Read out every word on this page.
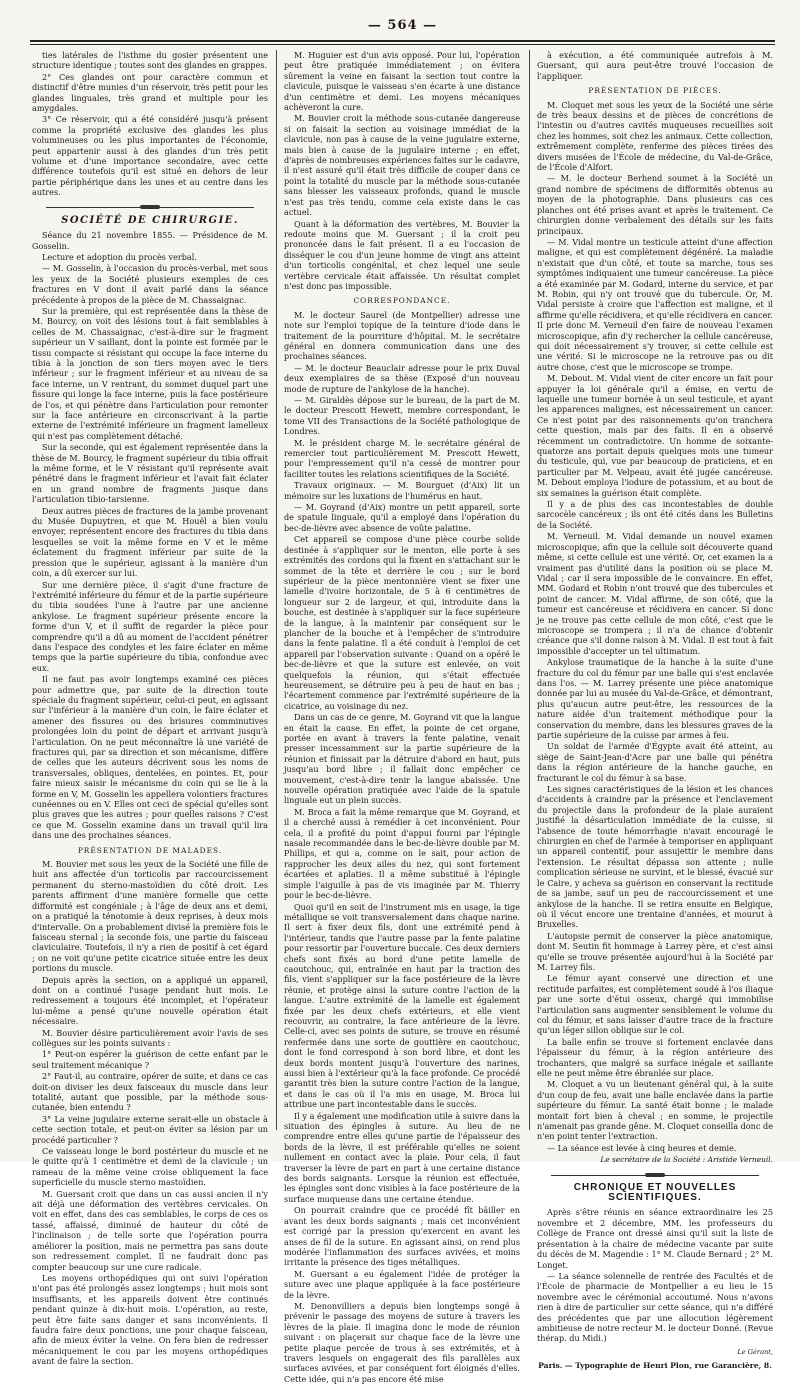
— 564 —

ties latérales de l'isthme du gosier présentent une structure identique ; toutes sont des glandes en grappes.

2° Ces glandes ont pour caractère commun et distinctif d'être munies d'un réservoir, très petit pour les glandes linguales, très grand et multiple pour les amygdales.

3° Ce réservoir, qui a été considéré jusqu'à présent comme la propriété exclusive des glandes les plus volumineuses ou les plus importantes de l'économie, peut appartenir aussi à des glandes d'un très petit volume et d'une importance secondaire, avec cette différence toutefois qu'il est situé en dehors de leur partie périphérique dans les unes et au centre dans les autres.

SOCIÉTÉ DE CHIRURGIE.

Séance du 21 novembre 1855. — Présidence de M. Gosselin.

Lecture et adoption du procès verbal.

— M. Gosselin, à l'occasion du procès-verbal, met sous les yeux de la Société plusieurs exemples de ces fractures en V dont il avait parlé dans la séance précédente à propos de la pièce de M. Chassaignac.

Sur la première, qui est représentée dans la thèse de M. Bourcy, on voit des lésions tout à fait semblables à celles de M. Chassaignac, c'est-à-dire sur le fragment supérieur un V saillant, dont la pointe est formée par le tissu compacte si résistant qui occupe la face interne du tibia à la jonction de son tiers moyen avec le tiers inférieur ; sur le fragment inférieur et au niveau de sa face interne, un V rentrant, du sommet duquel part une fissure qui longe la face interne, puis la face postérieure de l'os, et qui pénètre dans l'articulation pour remonter sur la face antérieure en circonscrivant à la partie externe de l'extrémité inférieure un fragment lamelleux qui n'est pas complètement détaché.

Sur la seconde, qui est également représentée dans la thèse de M. Bourcy, le fragment supérieur du tibia offrait la même forme, et le V résistant qu'il représente avait pénétré dans le fragment inférieur et l'avait fait éclater en un grand nombre de fragments jusque dans l'articulation tibio-tarsienne.

Deux autres pièces de fractures de la jambe provenant du Musée Dupuytren, et que M. Houël a bien voulu envoyer, représentent encore des fractures du tibia dans lesquelles se voit la même forme en V et le même éclatement du fragment inférieur par suite de la pression que le supérieur, agissant à la manière d'un coin, a dû exercer sur lui.

Sur une dernière pièce, il s'agit d'une fracture de l'extrémité inférieure du fémur et de la partie supérieure du tibia soudées l'une à l'autre par une ancienne ankylose. Le fragment supérieur présente encore la forme d'un V, et il suffit de regarder la pièce pour comprendre qu'il a dû au moment de l'accident pénétrer dans l'espace des condyles et les faire éclater en même temps que la partie supérieure du tibia, confondue avec eux.

Il ne faut pas avoir longtemps examiné ces pièces pour admettre que, par suite de la direction toute spéciale du fragment supérieur, celui-ci peut, en agissant sur l'inférieur à la manière d'un coin, le faire éclater et amener des fissures ou des brisures comminutives prolongées loin du point de départ et arrivant jusqu'à l'articulation. On ne peut méconnaître là une variété de fractures qui, par sa direction et son mécanisme, diffère de celles que les auteurs décrivent sous les noms de transversales, obliques, dentelées, en pointes. Et, pour faire mieux saisir le mécanisme du coin qui se lie à la forme en V, M. Gosselin les appellera volontiers fractures cunéennes ou en V. Elles ont ceci de spécial qu'elles sont plus graves que les autres ; pour quelles raisons ? C'est ce que M. Gosselin examine dans un travail qu'il lira dans une des prochaines séances.

PRÉSENTATION DE MALADES.

M. Bouvier met sous les yeux de la Société une fille de huit ans affectée d'un torticolis par raccourcissement permanent du sterno-mastoïdien du côté droit. Les parents affirment d'une manière formelle que cette difformité est congéniale ; à l'âge de deux ans et demi, on a pratiqué la ténotomie à deux reprises, à deux mois d'intervalle. On a probablement divisé la première fois le faisceau sternal ; la seconde fois, une partie du faisceau claviculaire. Toutefois, il n'y a rien de positif à cet égard ; on ne voit qu'une petite cicatrice située entre les deux portions du muscle.

Depuis après la section, on a appliqué un appareil, dont on a continué l'usage pendant huit mois. Le redressement a toujours été incomplet, et l'opérateur lui-même a pensé qu'une nouvelle opération était nécessaire.

M. Bouvier désire particulièrement avoir l'avis de ses collègues sur les points suivants :

1° Peut-on espérer la guérison de cette enfant par le seul traitement mécanique ?

2° Faut-il, au contraire, opérer de suite, et dans ce cas doit-on diviser les deux faisceaux du muscle dans leur totalité, autant que possible, par la méthode sous-cutanée, bien entendu ?

3° La veine jugulaire externe serait-elle un obstacle à cette section totale, et peut-on éviter sa lésion par un procédé particulier ?

Ce vaisseau longe le bord postérieur du muscle et ne le quitte qu'à 1 centimètre et demi de la clavicule ; un rameau de la même veine croise obliquement la face superficielle du muscle sterno mastoïdien.

M. Guersant croit que dans un cas aussi ancien il n'y ait déjà une déformation des vertèbres cervicales. On voit en effet, dans des cas semblables, le corps de ces os tassé, affaissé, diminué de hauteur du côté de l'inclinaison ; de telle sorte que l'opération pourra améliorer la position, mais ne permettra pas sans doute son redressement complet. Il ne faudrait donc pas compter beaucoup sur une cure radicale.

Les moyens orthopédiques qui ont suivi l'opération n'ont pas été prolongés assez longtemps ; huit mois sont insuffisants, et les appareils doivent être continués pendant quinze à dix-huit mois. L'opération, au reste, peut être faite sans danger et sans inconvénients. Il faudra faire deux ponctions, une pour chaque faisceau, afin de mieux éviter la veine. On fera bien de redresser mécaniquement le cou par les moyens orthopédiques avant de faire la section.

M. Huguier est d'un avis opposé. Pour lui, l'opération peut être pratiquée immédiatement ; on évitera sûrement la veine en faisant la section tout contre la clavicule, puisque le vaisseau s'en écarte à une distance d'un centimètre et demi. Les moyens mécaniques achèveront la cure.

M. Bouvier croit la méthode sous-cutanée dangereuse si on faisait la section au voisinage immédiat de la clavicule, non pas à cause de la veine jugulaire externe, mais bien à cause de la jugulaire interne ; en effet, d'après de nombreuses expériences faites sur le cadavre, il n'est assuré qu'il était très difficile de couper dans ce point la totalité du muscle par la méthode sous-cutanée sans blesser les vaisseaux profonds, quand le muscle n'est pas très tendu, comme cela existe dans le cas actuel.

Quant à la déformation des vertèbres, M. Bouvier la redoute moins que M. Guersant ; il la croit peu prononcée dans le fait présent. Il a eu l'occasion de disséquer le cou d'un jeune homme de vingt ans atteint d'un torticolis congénital, et chez lequel une seule vertèbre cervicale était affaissée. Un résultat complet n'est donc pas impossible.

CORRESPONDANCE.

M. le docteur Saurel (de Montpellier) adresse une note sur l'emploi topique de la teinture d'iode dans le traitement de la pourriture d'hôpital. M. le secrétaire général en donnera communication dans une des prochaines séances.

— M. le docteur Beauclair adresse pour le prix Duval deux exemplaires de sa thèse (Exposé d'un nouveau mode de rupture de l'ankylose de la hanche).

— M. Giraldès dépose sur le bureau, de la part de M. le docteur Prescott Hewett, membre correspondant, le tome VII des Transactions de la Société pathologique de Londres.

M. le président charge M. le secrétaire général de remercier tout particulièrement M. Prescott Hewett, pour l'empressement qu'il n'a cessé de montrer pour faciliter toutes les relations scientifiques de la Société.

Travaux originaux. — M. Bourguet (d'Aix) lit un mémoire sur les luxations de l'humérus en haut.

— M. Goyrand (d'Aix) montre un petit appareil, sorte de spatule linguale, qu'il a employé dans l'opération du bec-de-lièvre avec absence de voûte palatine.

Cet appareil se compose d'une pièce courbe solide destinée à s'appliquer sur le menton, elle porte à ses extrémités des cordons qui la fixent en s'attachant sur le sommet de la tête et derrière le cou ; sur le bord supérieur de la pièce mentonnière vient se fixer une lamelle d'ivoire horizontale, de 5 à 6 centimètres de longueur sur 2 de largeur, et qui, introduite dans la bouche, est destinée à s'appliquer sur la face supérieure de la langue, à la maintenir par conséquent sur le plancher de la bouche et à l'empêcher de s'introduire dans la fente palatine. Il a été conduit à l'emploi de cet appareil par l'observation suivante : Quand on a opéré le bec-de-lièvre et que la suture est enlevée, on voit quelquefois la réunion, qui s'était effectuée heureusement, se détruire peu à peu de haut en bas ; l'écartement commence par l'extrémité supérieure de la cicatrice, au voisinage du nez.

Dans un cas de ce genre, M. Goyrand vit que la langue en était la cause. En effet, la pointe de cet organe, portée en avant à travers la fente palatine, venait presser incessamment sur la partie supérieure de la réunion et finissait par la détruire d'abord en haut, puis jusqu'au bord libre ; il fallait donc empêcher ce mouvement, c'est-à-dire tenir la langue abaissée. Une nouvelle opération pratiquée avec l'aide de la spatule linguale eut un plein succès.

M. Broca a fait la même remarque que M. Goyrand, et il a cherché aussi à remédier à cet inconvénient. Pour cela, il a profité du point d'appui fourni par l'épingle nasale recommandée dans le bec-de-lièvre double par M. Phillips, et qui a, comme on le sait, pour action de rapprocher les deux ailes du nez, qui sont fortement écartées et aplaties. Il a même substitué à l'épingle simple l'aiguille à pas de vis imaginée par M. Thierry pour le bec-de-lièvre.

Quoi qu'il en soit de l'instrument mis en usage, la tige métallique se voit transversalement dans chaque narine. Il sert à fixer deux fils, dont une extrémité pend à l'intérieur, tandis que l'autre passe par la fente palatine pour ressortir par l'ouverture buccale. Ces deux derniers chefs sont fixés au bord d'une petite lamelle de caoutchouc, qui, entraînée en haut par la traction des fils, vient s'appliquer sur la face postérieure de la lèvre réunie, et protège ainsi la suture contre l'action de la langue. L'autre extrémité de la lamelle est également fixée par les deux chefs extérieurs, et elle vient recouvrir, au contraire, la face antérieure de la lèvre. Celle-ci, avec ses points de suture, se trouve en résumé renfermée dans une sorte de gouttière en caoutchouc, dont le fond correspond à son bord libre, et dont les deux bords montent jusqu'à l'ouverture des narines, aussi bien à l'extérieur qu'à la face profonde. Ce procédé garantit très bien la suture contre l'action de la langue, et dans le cas où il l'a mis en usage, M. Broca lui attribue une part incontestable dans le succès.

Il y a également une modification utile à suivre dans la situation des épingles à suture. Au lieu de ne comprendre entre elles qu'une partie de l'épaisseur des bords de la lèvre, il est préférable qu'elles ne soient nullement en contact avec la plaie. Pour cela, il faut traverser la lèvre de part en part à une certaine distance des bords saignants. Lorsque la réunion est effectuée, les épingles sont donc visibles à la face postérieure de la surface muqueuse dans une certaine étendue.

On pourrait craindre que ce procédé fît bâiller en avant les deux bords saignants ; mais cet inconvénient est corrigé par la pression qu'exercent en avant les anses de fil de la suture. En agissant ainsi, on rend plus modérée l'inflammation des surfaces avivées, et moins irritante la présence des tiges métalliques.

M. Guersant a eu également l'idée de protéger la suture avec une plaque appliquée à la face postérieure de la lèvre.

M. Denonvilliers a depuis bien longtemps songé à prévenir le passage des moyens de suture à travers les lèvres de la plaie. Il imagina donc le mode de réunion suivant : on plaçerait sur chaque face de la lèvre une petite plaque percée de trous à ses extrémités, et à travers lesquels on engagerait des fils parallèles aux surfaces avivées, et par conséquent fort éloignés d'elles. Cette idée, qui n'a pas encore été mise

à exécution, a été communiquée autrefois à M. Guersant, qui aura peut-être trouvé l'occasion de l'appliquer.

PRÉSENTATION DE PIÈCES.

M. Cloquet met sous les yeux de la Société une série de très beaux dessins et de pièces de concrétions de l'intestin ou d'autres cavités muqueuses recueillies soit chez les hommes, soit chez les animaux. Cette collection, extrêmement complète, renferme des pièces tirées des divers musées de l'École de médecine, du Val-de-Grâce, de l'École d'Alfort.

— M. le docteur Berhend soumet à la Société un grand nombre de spécimens de difformités obtenus au moyen de la photographie. Dans plusieurs cas ces planches ont été prises avant et après le traitement. Ce chirurgien donne verbalement des détails sur les faits principaux.

— M. Vidal montre un testicule atteint d'une affection maligne, et qui est complètement dégénéré. La maladie n'existait que d'un côté, et toute sa marche, tous ses symptômes indiquaient une tumeur cancéreuse. La pièce a été examinée par M. Godard, interne du service, et par M. Robin, qui n'y ont trouvé que du tubercule. Or, M. Vidal persiste à croire que l'affection est maligne, et il affirme qu'elle récidivera, et qu'elle récidivera en cancer. Il prie donc M. Verneuil d'en faire de nouveau l'examen microscopique, afin d'y rechercher la cellule cancéreuse, qui doit nécessairement s'y trouver, si cette cellule est une vérité. Si le microscope ne la retrouve pas ou dit autre chose, c'est que le microscope se trompe.

M. Debout. M. Vidal vient de citer encore un fait pour appuyer la loi générale qu'il a émise, en vertu de laquelle une tumeur bornée à un seul testicule, et ayant les apparences malignes, est nécessairement un cancer. Ce n'est point par des raisonnements qu'on tranchera cette question, mais par des faits. Il en a observé récemment un contradictoire. Un homme de soixante-quatorze ans portait depuis quelques mois une tumeur du testicule, qui, vue par beaucoup de praticiens, et en particulier par M. Velpeau, avait été jugée cancéreuse. M. Debout employa l'iodure de potassium, et au bout de six semaines la guérison était complète.

Il y a de plus des cas incontestables de double sarcocèle cancéreux ; ils ont été cités dans les Bulletins de la Société.

M. Verneuil. M. Vidal demande un nouvel examen microscopique, afin que la cellule soit découverte quand même, si cette cellule est une vérité. Or, cet examen la a vraiment pas d'utilité dans la position où se place M. Vidal ; car il sera impossible de le convaincre. En effet, MM. Godard et Robin n'ont trouvé que des tubercules et point de cancer. M. Vidal affirme, de son côté, que la tumeur est cancéreuse et récidivera en cancer. Si donc je ne trouve pas cette cellule de mon côté, c'est que le microscope se trompera ; il n'a de chance d'obtenir créance que s'il donne raison à M. Vidal. Il est tout à fait impossible d'accepter un tel ultimatum.

Ankylose traumatique de la hanche à la suite d'une fracture du col du fémur par une balle qui s'est enclavée dans l'os. — M. Larrey présente une pièce anatomique donnée par lui au musée du Val-de-Grâce, et démontrant, plus qu'aucun autre peut-être, les ressources de la nature aidée d'un traitement méthodique pour la conservation du membre, dans les blessures graves de la partie supérieure de la cuisse par armes à feu.

Un soldat de l'armée d'Égypte avait été atteint, au siège de Saint-Jean-d'Acre par une balle qui pénétra dans la région antérieure de la hanche gauche, en fracturant le col du fémur à sa base.

Les signes caractéristiques de la lésion et les chances d'accidents à craindre par la présence et l'enclavement du projectile dans la profondeur de la plaie auraient justifié la désarticulation immédiate de la cuisse, si l'absence de toute hémorrhagie n'avait encouragé le chirurgien en chef de l'armée à temporiser en appliquant un appareil contentif, pour assujettir le membre dans l'extension. Le résultat dépassa son attente ; nulle complication sérieuse ne survint, et le blessé, évacué sur le Caire, y acheva sa guérison en conservant la rectitude de sa jambe, sauf un peu de raccourcissement et une ankylose de la hanche. Il se retira ensuite en Belgique, où il vécut encore une trentaine d'années, et mourut à Bruxelles.

L'autopsie permit de conserver la pièce anatomique, dont M. Seutin fit hommage à Larrey père, et c'est ainsi qu'elle se trouve présentée aujourd'hui à la Société par M. Larrey fils.

Le fémur ayant conservé une direction et une rectitude parfaites, est complètement soudé à l'os iliaque par une sorte d'étui osseux, chargé qui immobilise l'articulation sans augmenter sensiblement le volume du col du fémur, et sans laisser d'autre trace de la fracture qu'un léger sillon oblique sur le col.

La balle enfin se trouve si fortement enclavée dans l'épaisseur du fémur, à la région antérieure des trochanters, que malgré sa surface inégale et saillante elle ne peut même être ébranlée sur place.

M. Cloquet a vu un lieutenant général qui, à la suite d'un coup de feu, avait une balle enclavée dans la partie supérieure du fémur. La santé était bonne ; le malade montait fort bien à cheval ; en somme, le projectile n'amenait pas grande gêne. M. Cloquet conseilla donc de n'en point tenter l'extraction.

— La séance est levée à cinq heures et demie.

Le secrétaire de la Société : Aristide Verneuil.
CHRONIQUE ET NOUVELLES SCIENTIFIQUES.

Après s'être réunis en séance extraordinaire les 25 novembre et 2 décembre, MM. les professeurs du Collège de France ont dressé ainsi qu'il suit la liste de présentation à la chaire de médecine vacante par suite du décès de M. Magendie : 1° M. Claude Bernard ; 2° M. Longet.

— La séance solennelle de rentrée des Facultés et de l'École de pharmacie de Montpellier a eu lieu le 15 novembre avec le cérémonial accoutumé. Nous n'avons rien à dire de particulier sur cette séance, qui n'a différé des précédentes que par une allocution légèrement ambitieuse de notre recteur M. le docteur Donné. (Revue thérap. du Midi.)

Le Gérant,
Paris. — Typographie de Henri Plon, rue Garancière, 8.
